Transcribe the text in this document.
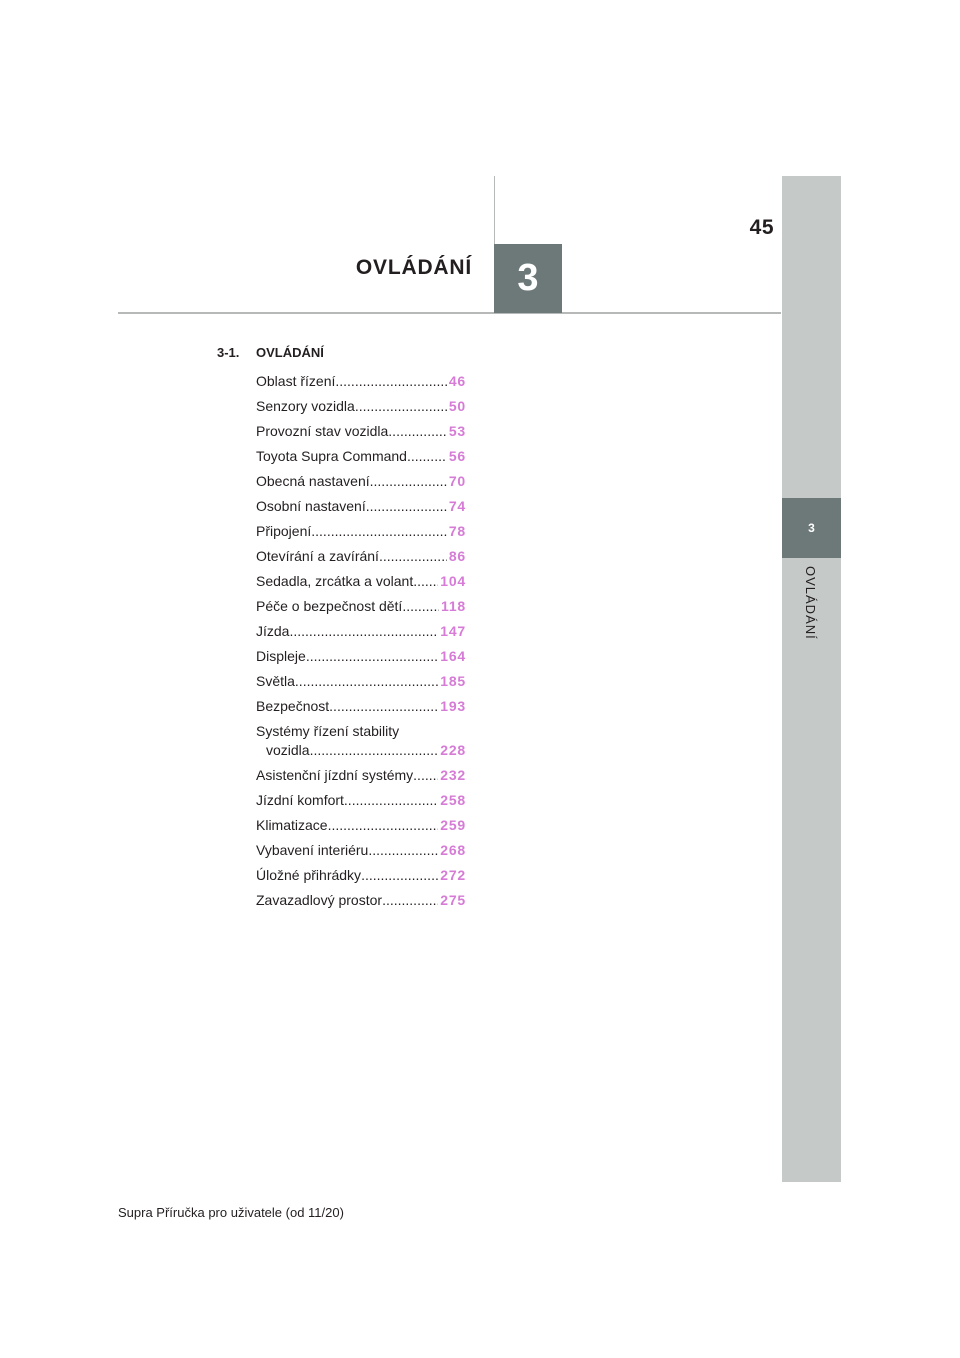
45
OVLÁDÁNÍ	3
3
OVLÁDÁNÍ
3-1. OVLÁDÁNÍ
Oblast řízení .....	46
Senzory vozidla .....	50
Provozní stav vozidla .....	53
Toyota Supra Command .....	56
Obecná nastavení .....	70
Osobní nastavení .....	74
Připojení .....	78
Otevírání a zavírání .....	86
Sedadla, zrcátka a volant ..... 104
Péče o bezpečnost dětí .....	118
Jízda .....	147
Displeje .....	164
Světla .....	185
Bezpečnost .....	193
Systémy řízení stability
vozidla .....	228
Asistenční jízdní systémy ..... 232
Jízdní komfort .....	258
Klimatizace .....	259
Vybavení interiéru .....	268
Úložné přihrádky .....	272
Zavazadlový prostor .....	275
Supra Příručka pro uživatele (od 11/20)
